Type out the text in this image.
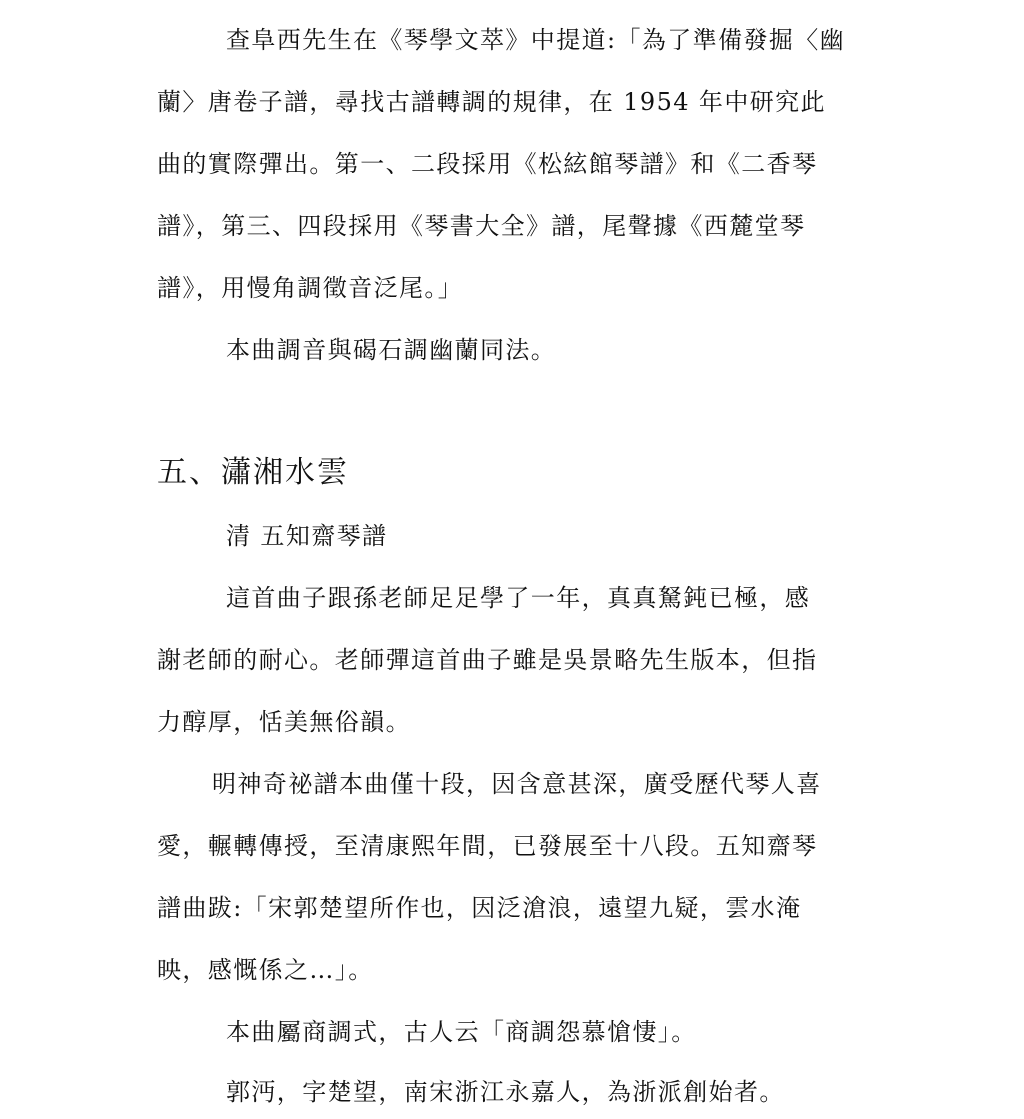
查阜西先生在《琴學文萃》中提道:「為了準備發掘〈幽

蘭〉唐卷子譜，尋找古譜轉調的規律，在 1954 年中研究此

曲的實際彈出。第一、二段採用《松絃館琴譜》和《二香琴

譜》，第三、四段採用《琴書大全》譜，尾聲據《西麓堂琴

譜》，用慢角調徵音泛尾。」

本曲調音與碣石調幽蘭同法。

五、瀟湘水雲

清 五知齋琴譜

這首曲子跟孫老師足足學了一年，真真駑鈍已極，感

謝老師的耐心。老師彈這首曲子雖是吳景略先生版本，但指

力醇厚，恬美無俗韻。

明神奇祕譜本曲僅十段，因含意甚深，廣受歷代琴人喜

愛，輾轉傳授，至清康熙年間，已發展至十八段。五知齋琴

譜曲跋:「宋郭楚望所作也，因泛滄浪，遠望九疑，雲水淹

映，感慨係之…」。

本曲屬商調式，古人云「商調怨慕愴悽」。

郭沔，字楚望，南宋浙江永嘉人，為浙派創始者。
